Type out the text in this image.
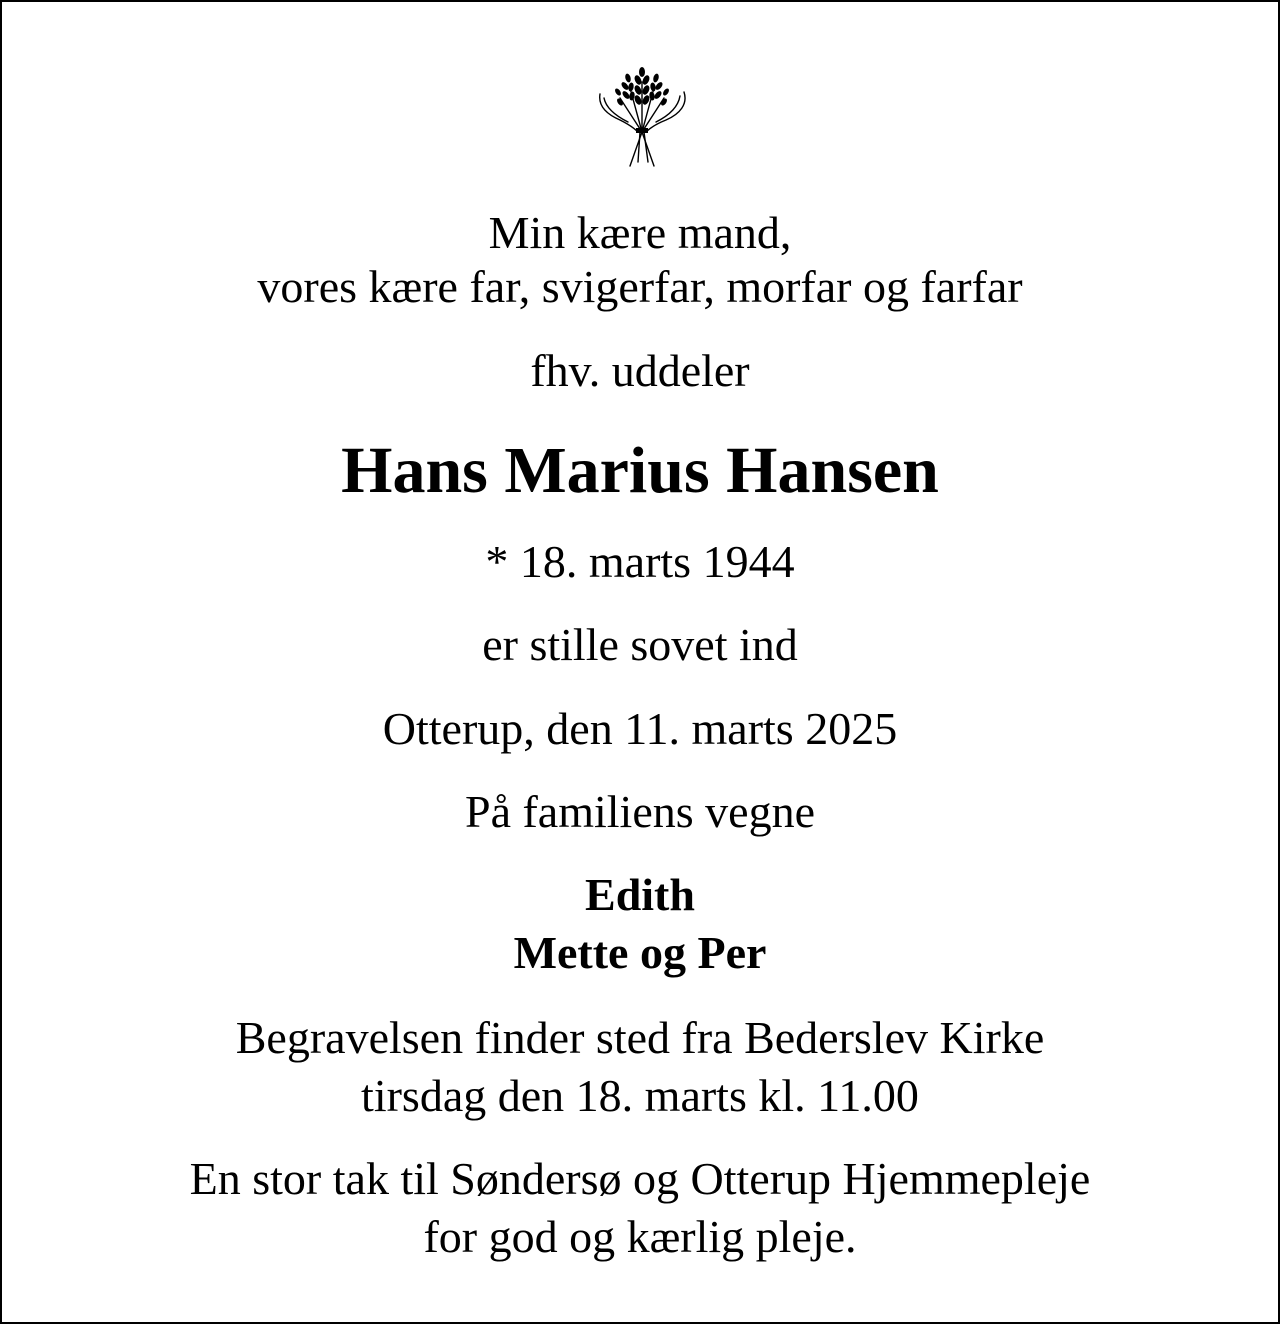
Min kære mand,
vores kære far, svigerfar, morfar og farfar
fhv. uddeler
Hans Marius Hansen
* 18. marts 1944
er stille sovet ind
Otterup, den 11. marts 2025
På familiens vegne
Edith
Mette og Per
Begravelsen finder sted fra Bederslev Kirke
tirsdag den 18. marts kl. 11.00
En stor tak til Søndersø og Otterup Hjemmepleje
for god og kærlig pleje.
